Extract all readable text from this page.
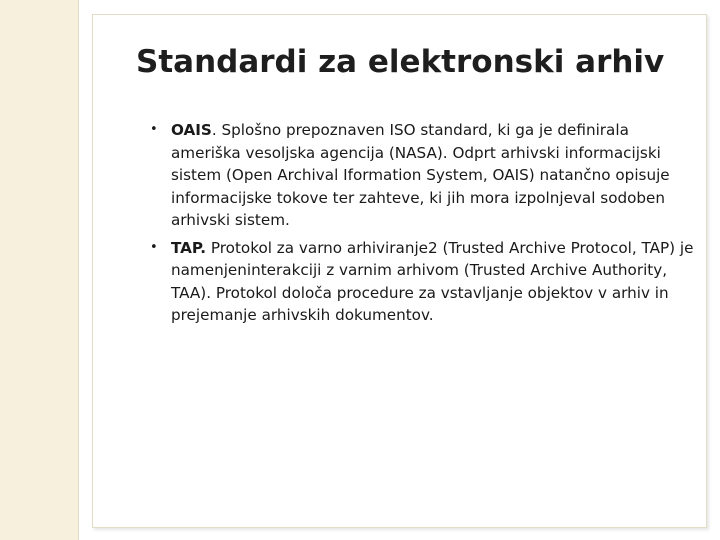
Standardi za elektronski arhiv
• OAIS. Splošno prepoznaven ISO standard, ki ga je definirala ameriška vesoljska agencija (NASA). Odprt arhivski informacijski sistem (Open Archival Iformation System, OAIS) natančno opisuje informacijske tokove ter zahteve, ki jih mora izpolnjeval sodoben arhivski sistem.
• TAP. Protokol za varno arhiviranje2 (Trusted Archive Protocol, TAP) je namenjeninterakciji z varnim arhivom (Trusted Archive Authority, TAA). Protokol določa procedure za vstavljanje objektov v arhiv in prejemanje arhivskih dokumentov.
